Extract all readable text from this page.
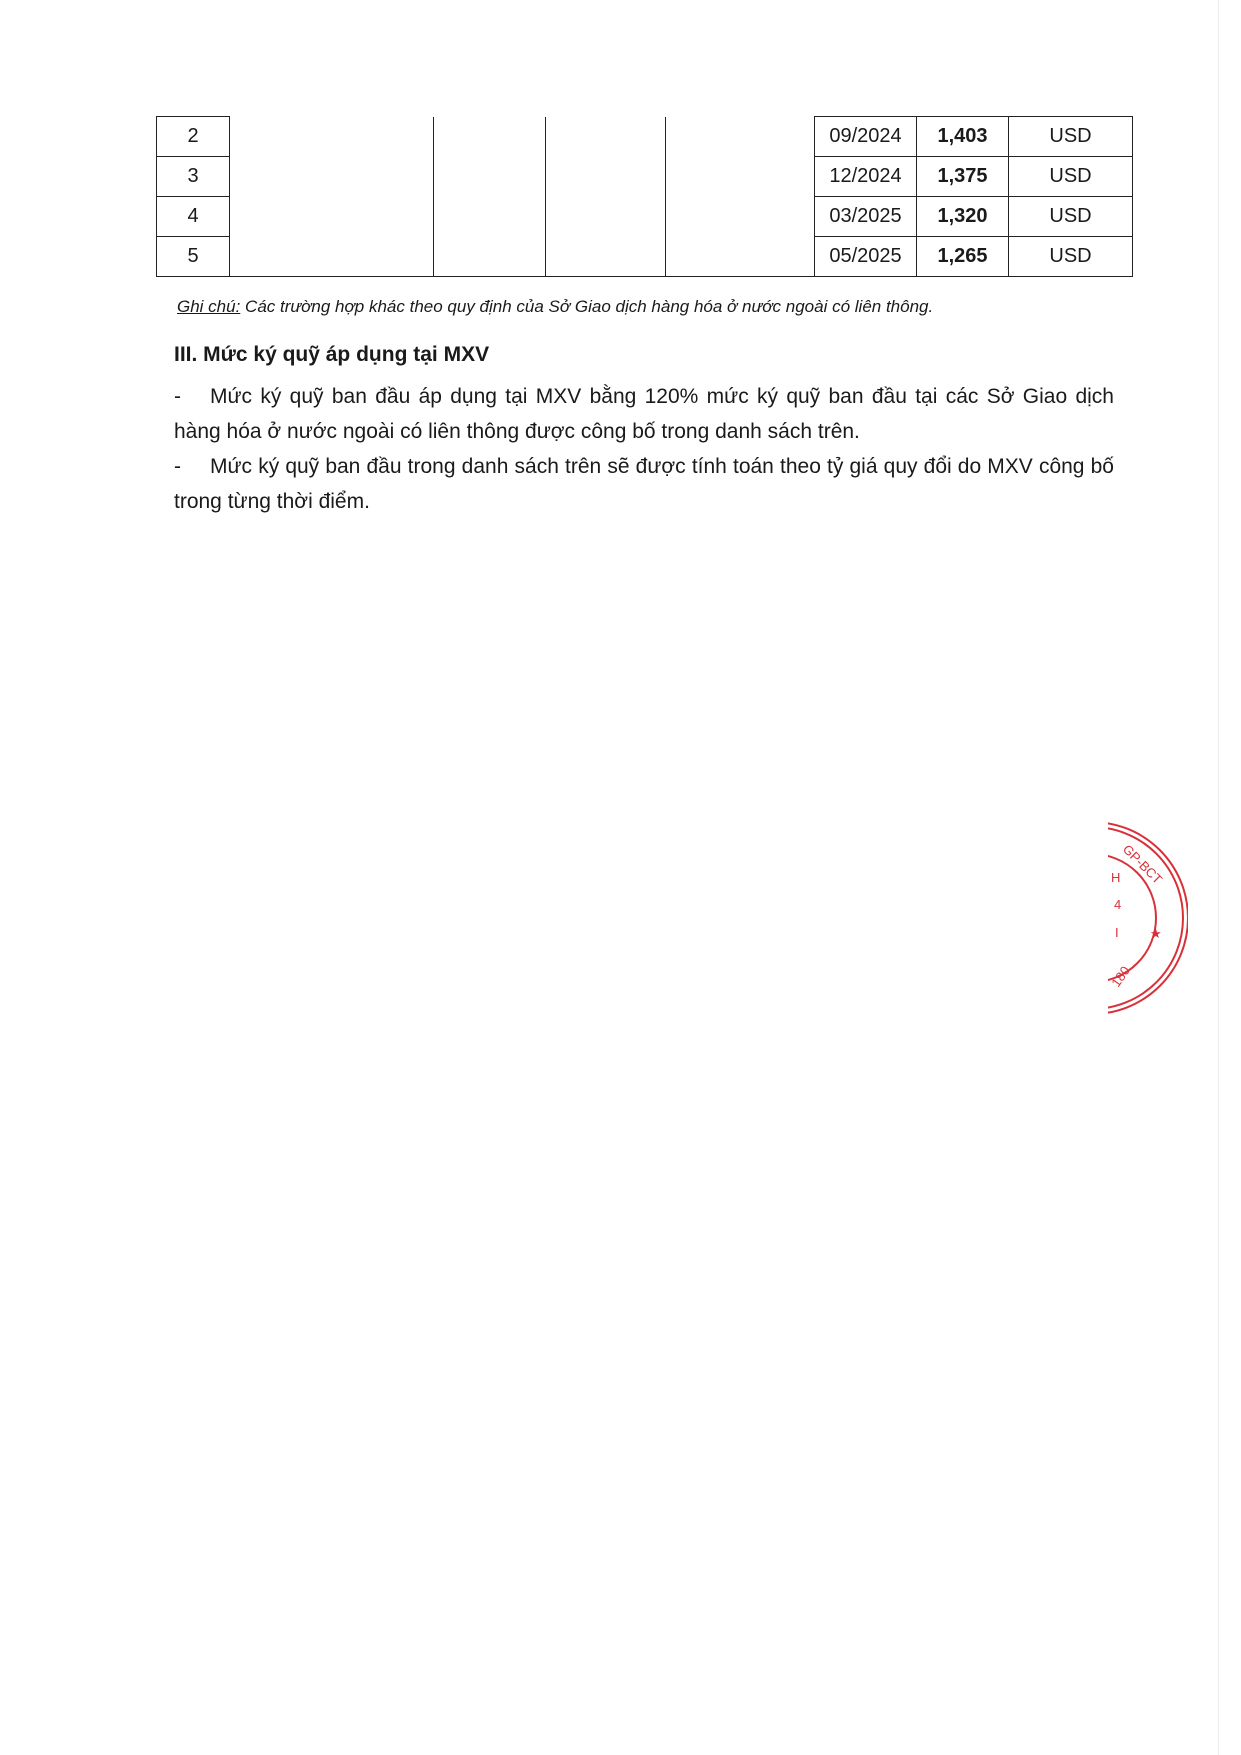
2					09/2024	1,403	USD
3					12/2024	1,375	USD
4					03/2025	1,320	USD
5					05/2025	1,265	USD
Ghi chú: Các trường hợp khác theo quy định của Sở Giao dịch hàng hóa ở nước ngoài có liên thông.
III. Mức ký quỹ áp dụng tại MXV
- Mức ký quỹ ban đầu áp dụng tại MXV bằng 120% mức ký quỹ ban đầu tại các Sở Giao dịch hàng hóa ở nước ngoài có liên thông được công bố trong danh sách trên.
- Mức ký quỹ ban đầu trong danh sách trên sẽ được tính toán theo tỷ giá quy đổi do MXV công bố trong từng thời điểm.
GP-BCT
180
H
4
I ★
